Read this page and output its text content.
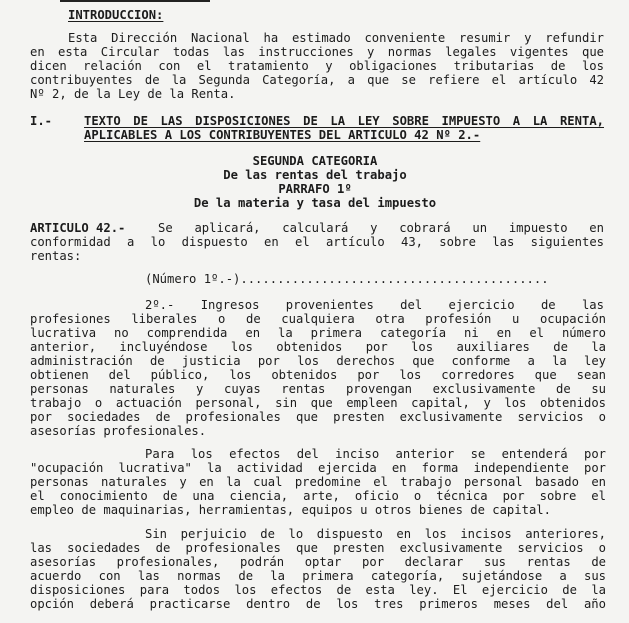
INTRODUCCION:
Esta Dirección Nacional ha estimado conveniente resumir y refundir
en esta Circular todas las instrucciones y normas legales vigentes que
dicen relación con el tratamiento y obligaciones tributarias de los
contribuyentes de la Segunda Categoría, a que se refiere el artículo 42
Nº 2, de la Ley de la Renta.
I.-	TEXTO DE LAS DISPOSICIONES DE LA LEY SOBRE IMPUESTO A LA RENTA,
APLICABLES A LOS CONTRIBUYENTES DEL ARTICULO 42 Nº 2.-
SEGUNDA CATEGORIA
De las rentas del trabajo
PARRAFO 1º
De la materia y tasa del impuesto
ARTICULO 42.-	Se aplicará, calculará y cobrará un impuesto en
conformidad a lo dispuesto en el artículo 43, sobre las siguientes
rentas:
(Número 1º.-)..........................................
2º.- Ingresos provenientes del ejercicio de las
profesiones liberales o de cualquiera otra profesión u ocupación
lucrativa no comprendida en la primera categoría ni en el número
anterior, incluyéndose los obtenidos por los auxiliares de la
administración de justicia por los derechos que conforme a la ley
obtienen del público, los obtenidos por los corredores que sean
personas naturales y cuyas rentas provengan exclusivamente de su
trabajo o actuación personal, sin que empleen capital, y los obtenidos
por sociedades de profesionales que presten exclusivamente servicios o
asesorías profesionales.
Para los efectos del inciso anterior se entenderá por
"ocupación lucrativa" la actividad ejercida en forma independiente por
personas naturales y en la cual predomine el trabajo personal basado en
el conocimiento de una ciencia, arte, oficio o técnica por sobre el
empleo de maquinarias, herramientas, equipos u otros bienes de capital.
Sin perjuicio de lo dispuesto en los incisos anteriores,
las sociedades de profesionales que presten exclusivamente servicios o
asesorías profesionales, podrán optar por declarar sus rentas de
acuerdo con las normas de la primera categoría, sujetándose a sus
disposiciones para todos los efectos de esta ley. El ejercicio de la
opción deberá practicarse dentro de los tres primeros meses del año
